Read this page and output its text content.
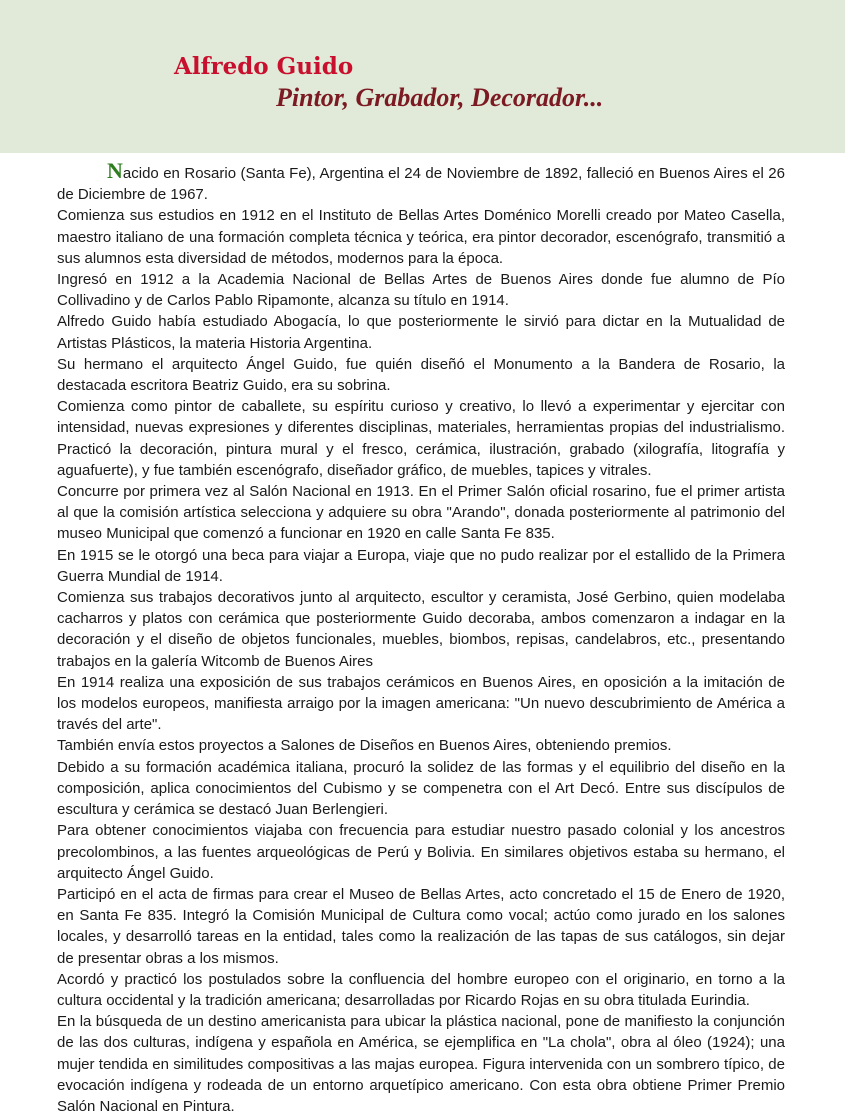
Alfredo Guido
Pintor, Grabador, Decorador...

Nacido en Rosario (Santa Fe), Argentina el 24 de Noviembre de 1892, falleció en Buenos Aires el 26 de Diciembre de 1967.

Comienza sus estudios en 1912 en el Instituto de Bellas Artes Doménico Morelli creado por Mateo Casella, maestro italiano de una formación completa técnica y teórica, era pintor decorador, escenógrafo, transmitió a sus alumnos esta diversidad de métodos, modernos para la época.

Ingresó en 1912 a la Academia Nacional de Bellas Artes de Buenos Aires donde fue alumno de Pío Collivadino y de Carlos Pablo Ripamonte, alcanza su título en 1914.

Alfredo Guido había estudiado Abogacía, lo que posteriormente le sirvió para dictar en la Mutualidad de Artistas Plásticos, la materia Historia Argentina.

Su hermano el arquitecto Ángel Guido, fue quién diseñó el Monumento a la Bandera de Rosario, la destacada escritora Beatriz Guido, era su sobrina.

Comienza como pintor de caballete, su espíritu curioso y creativo, lo llevó a experimentar y ejercitar con intensidad, nuevas expresiones y diferentes disciplinas, materiales, herramientas propias del industrialismo. Practicó la decoración, pintura mural y el fresco, cerámica, ilustración, grabado (xilografía, litografía y aguafuerte), y fue también escenógrafo, diseñador gráfico, de muebles, tapices y vitrales.

Concurre por primera vez al Salón Nacional en 1913. En el Primer Salón oficial rosarino, fue el primer artista al que la comisión artística selecciona y adquiere su obra "Arando", donada posteriormente al patrimonio del museo Municipal que comenzó a funcionar en 1920 en calle Santa Fe 835.

En 1915 se le otorgó una beca para viajar a Europa, viaje que no pudo realizar por el estallido de la Primera Guerra Mundial de 1914.

Comienza sus trabajos decorativos junto al arquitecto, escultor y ceramista, José Gerbino, quien modelaba cacharros y platos con cerámica que posteriormente Guido decoraba, ambos comenzaron a indagar en la decoración y el diseño de objetos funcionales, muebles, biombos, repisas, candelabros, etc., presentando trabajos en la galería Witcomb de Buenos Aires

En 1914 realiza una exposición de sus trabajos cerámicos en Buenos Aires, en oposición a la imitación de los modelos europeos, manifiesta arraigo por la imagen americana: "Un nuevo descubrimiento de América a través del arte".

También envía estos proyectos a Salones de Diseños en Buenos Aires, obteniendo premios.

Debido a su formación académica italiana, procuró la solidez de las formas y el equilibrio del diseño en la composición, aplica conocimientos del Cubismo y se compenetra con el Art Decó. Entre sus discípulos de escultura y cerámica se destacó Juan Berlengieri.

Para obtener conocimientos viajaba con frecuencia para estudiar nuestro pasado colonial y los ancestros precolombinos, a las fuentes arqueológicas de Perú y Bolivia. En similares objetivos estaba su hermano, el arquitecto Ángel Guido.

Participó en el acta de firmas para crear el Museo de Bellas Artes, acto concretado el 15 de Enero de 1920, en Santa Fe 835. Integró la Comisión Municipal de Cultura como vocal; actúo como jurado en los salones locales, y desarrolló tareas en la entidad, tales como la realización de las tapas de sus catálogos, sin dejar de presentar obras a los mismos.

Acordó y practicó los postulados sobre la confluencia del hombre europeo con el originario, en torno a la cultura occidental y la tradición americana; desarrolladas por Ricardo Rojas en su obra titulada Eurindia.

En la búsqueda de un destino americanista para ubicar la plástica nacional, pone de manifiesto la conjunción de las dos culturas, indígena y española en América, se ejemplifica en "La chola", obra al óleo (1924); una mujer tendida en similitudes compositivas a las majas europea. Figura intervenida con un sombrero típico, de evocación indígena y rodeada de un entorno arquetípico americano. Con esta obra obtiene Primer Premio Salón Nacional en Pintura.
